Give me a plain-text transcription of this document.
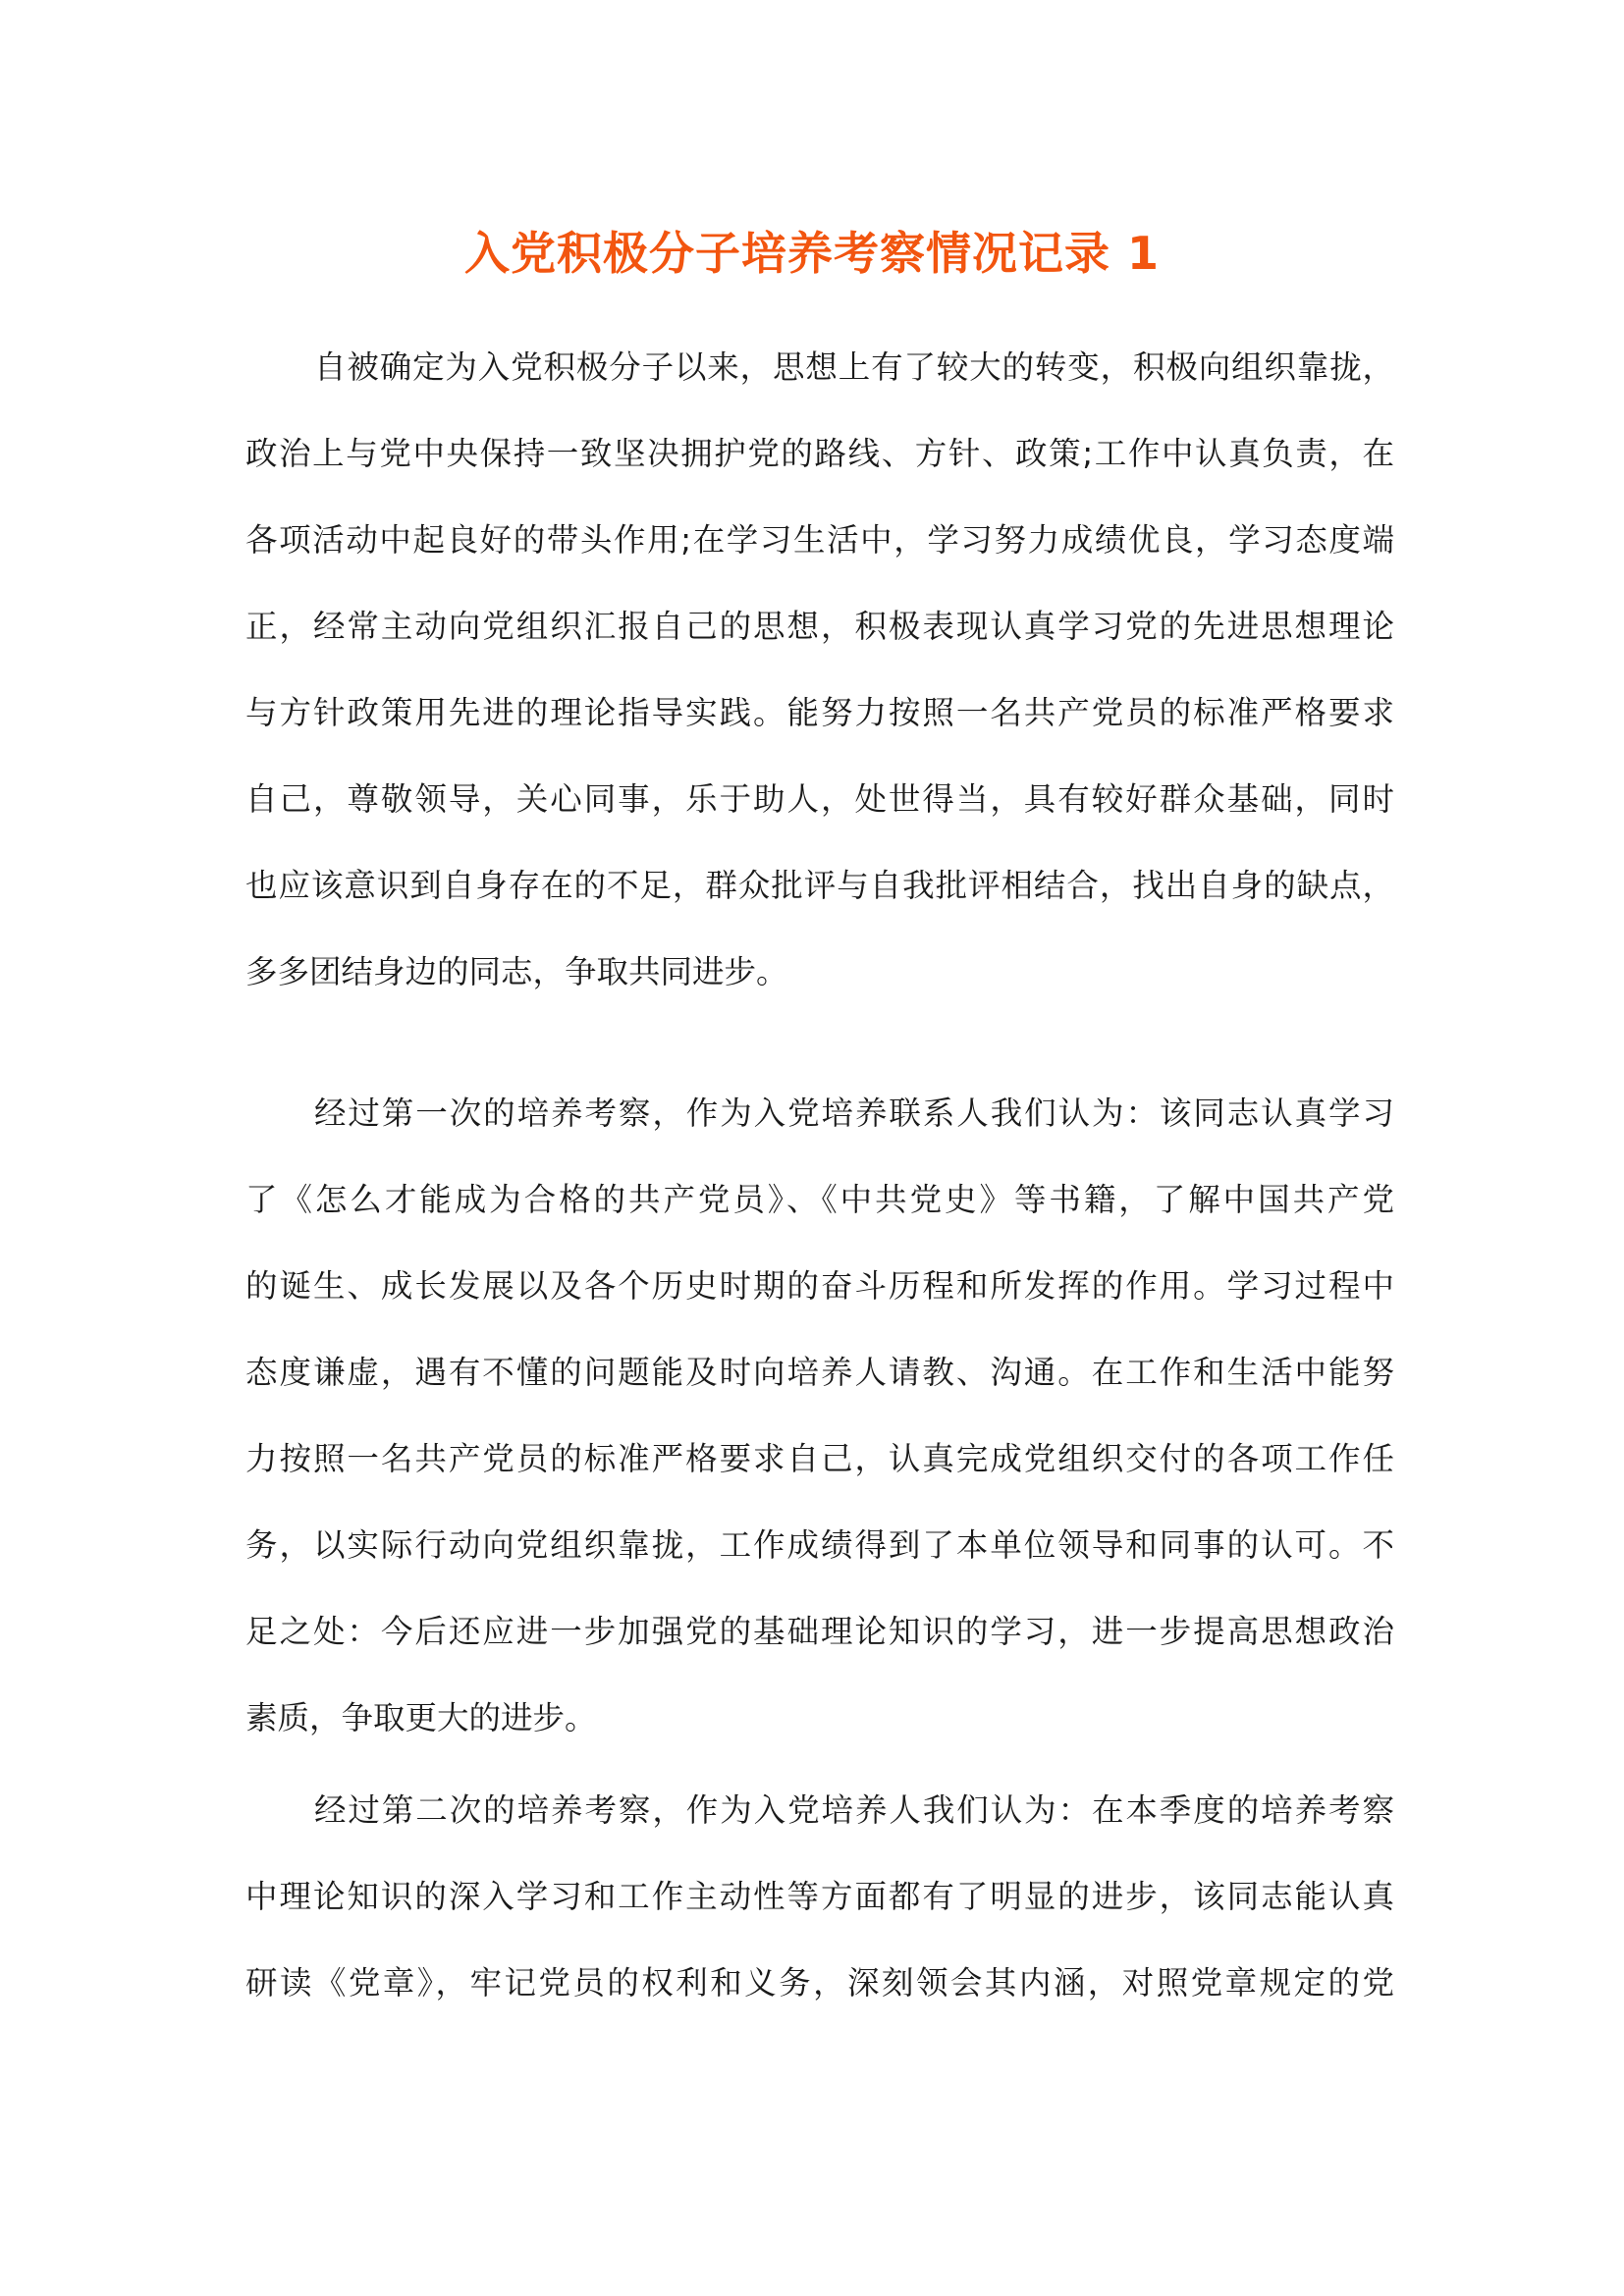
入党积极分子培养考察情况记录 1
自被确定为入党积极分子以来，思想上有了较大的转变，积极向组织靠拢，
政治上与党中央保持一致坚决拥护党的路线、方针、政策;工作中认真负责，在
各项活动中起良好的带头作用;在学习生活中，学习努力成绩优良，学习态度端
正，经常主动向党组织汇报自己的思想，积极表现认真学习党的先进思想理论
与方针政策用先进的理论指导实践。能努力按照一名共产党员的标准严格要求
自己，尊敬领导，关心同事，乐于助人，处世得当，具有较好群众基础，同时
也应该意识到自身存在的不足，群众批评与自我批评相结合，找出自身的缺点，
多多团结身边的同志，争取共同进步。
经过第一次的培养考察，作为入党培养联系人我们认为：该同志认真学习
了《怎么才能成为合格的共产党员》、《中共党史》等书籍，了解中国共产党
的诞生、成长发展以及各个历史时期的奋斗历程和所发挥的作用。学习过程中
态度谦虚，遇有不懂的问题能及时向培养人请教、沟通。在工作和生活中能努
力按照一名共产党员的标准严格要求自己，认真完成党组织交付的各项工作任
务，以实际行动向党组织靠拢，工作成绩得到了本单位领导和同事的认可。不
足之处：今后还应进一步加强党的基础理论知识的学习，进一步提高思想政治
素质，争取更大的进步。
经过第二次的培养考察，作为入党培养人我们认为：在本季度的培养考察
中理论知识的深入学习和工作主动性等方面都有了明显的进步，该同志能认真
研读《党章》，牢记党员的权利和义务，深刻领会其内涵，对照党章规定的党
